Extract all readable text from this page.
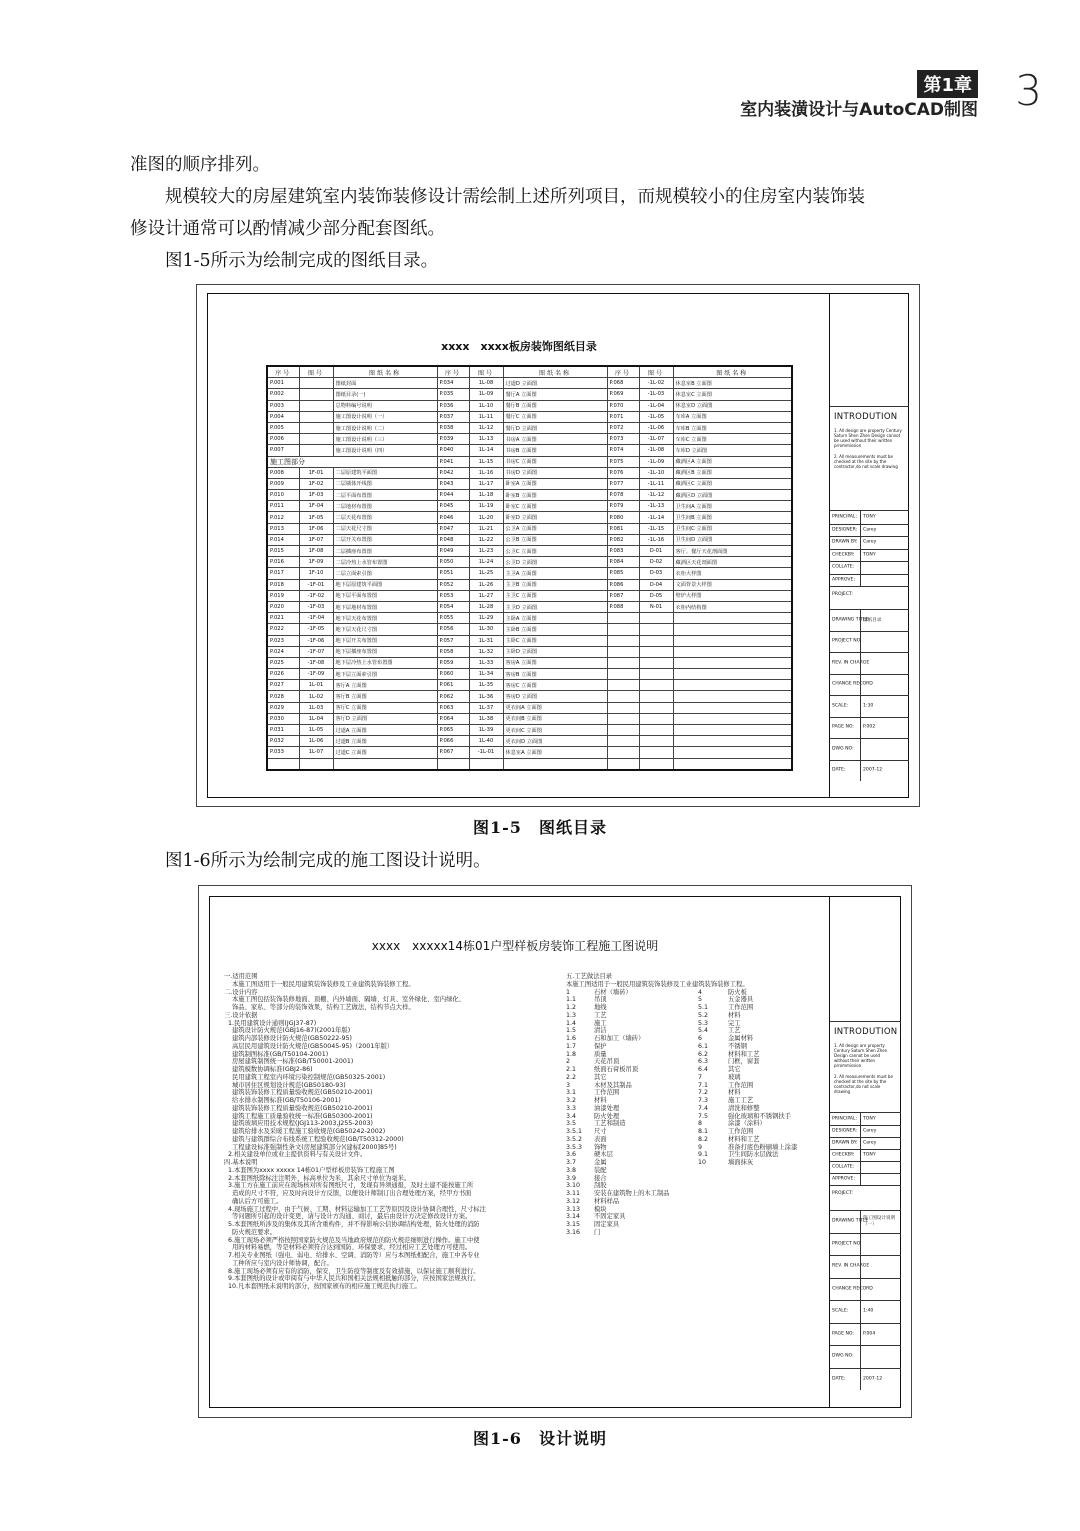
第1章
室内装潢设计与AutoCAD制图 3
准图的顺序排列。
　　规模较大的房屋建筑室内装饰装修设计需绘制上述所列项目，而规模较小的住房室内装饰装
修设计通常可以酌情减少部分配套图纸。
　　图1-5所示为绘制完成的图纸目录。
xxxx　xxxx板房装饰图纸目录
序号	图号	图纸名称	序号	图号	图纸名称	序号	图号	图纸名称
P.001		图纸封面	P.034	1L-08	过道D 立面图	P.068	-1L-02	休息室B 立面图
P.002		图纸目录(一)	P.035	1L-09	餐厅A 立面图	P.069	-1L-03	休息室C 立面图
P.003		总物料编号说明	P.036	1L-10	餐厅B 立面图	P.070	-1L-04	休息室D 立面图
P.004		施工图设计说明（一）	P.037	1L-11	餐厅C 立面图	P.071	-1L-05	车库A 立面图
P.005		施工图设计说明（二）	P.038	1L-12	餐厅D 立面图	P.072	-1L-06	车库B 立面图
P.006		施工图设计说明（三）	P.039	1L-13	书房A 立面图	P.073	-1L-07	车库C 立面图
P.007		施工图设计说明（四）	P.040	1L-14	书房B 立面图	P.074	-1L-08	车库D 立面图
施工图部分			P.041	1L-15	书房C 立面图	P.075	-1L-09	藏酒区A 立面图
P.008	1F-01	二层原建筑平面图	P.042	1L-16	书房D 立面图	P.076	-1L-10	藏酒区B 立面图
P.009	1F-02	二层墙体开线图	P.043	1L-17	卧室A 立面图	P.077	-1L-11	藏酒区C 立面图
P.010	1F-03	二层平面布置图	P.044	1L-18	卧室B 立面图	P.078	-1L-12	藏酒区D 立面图
P.011	1F-04	二层地材布置图	P.045	1L-19	卧室C 立面图	P.079	-1L-13	卫生间A 立面图
P.012	1F-05	二层天花布置图	P.046	1L-20	卧室D 立面图	P.080	-1L-14	卫生间B 立面图
P.013	1F-06	二层天花尺寸图	P.047	1L-21	公卫A 立面图	P.081	-1L-15	卫生间C 立面图
P.014	1F-07	二层开关布置图	P.048	1L-22	公卫B 立面图	P.082	-1L-16	卫生间D 立面图
P.015	1F-08	二层插座布置图	P.049	1L-23	公卫C 立面图	P.083	D-01	客厅、餐厅天花剖面图
P.016	1F-09	二层冷热上水管布置图	P.050	1L-24	公卫D 立面图	P.084	D-02	藏酒区天花剖面图
P.017	1F-10	二层立面索引图	P.051	1L-25	主卫A 立面图	P.085	D-03	衣柜大样图
P.018	-1F-01	地下层原建筑平面图	P.052	1L-26	主卫B 立面图	P.086	D-04	文面背景大样图
P.019	-1F-02	地下层平面布置图	P.053	1L-27	主卫C 立面图	P.087	D-05	壁炉大样图
P.020	-1F-03	地下层地材布置图	P.054	1L-28	主卫D 立面图	P.088	N-01	衣柜内结构图
P.021	-1F-04	地下层天花布置图	P.055	1L-29	主卧A 立面图			
P.022	-1F-05	地下层天花尺寸图	P.056	1L-30	主卧B 立面图			
P.023	-1F-06	地下层开关布置图	P.057	1L-31	主卧C 立面图			
P.024	-1F-07	地下层插座布置图	P.058	1L-32	主卧D 立面图			
P.025	-1F-08	地下层冷热上水管布置图	P.059	1L-33	客房A 立面图			
P.026	-1F-09	地下层立面索引图	P.060	1L-34	客房B 立面图			
P.027	1L-01	客厅A 立面图	P.061	1L-35	客房C 立面图			
P.028	1L-02	客厅B 立面图	P.062	1L-36	客房D 立面图			
P.029	1L-03	客厅C 立面图	P.063	1L-37	更衣间A 立面图			
P.030	1L-04	客厅D 立面图	P.064	1L-38	更衣间B 立面图			
P.031	1L-05	过道A 立面图	P.065	1L-39	更衣间C 立面图			
P.032	1L-06	过道B 立面图	P.066	1L-40	更衣间D 立面图			
P.033	1L-07	过道C 立面图	P.067	-1L-01	休息室A 立面图			

INTRODUTION
1. All design are property Century Saturn Shen Zhen Design cannot be used without their written prrommission
2. All measurements must be checked at the site by the contractor,do not scale drawing
PRINCIPAL: TONY
DESIGNER: Carey
DRAWN BY: Carey
CHECKBY: TONY
COLLATE:
APPROVE:
PROJECT:
DRAWING TITLE
图纸目录
PROJECT NO.
REV. IN CHARGE
CHANGE RECORD
SCALE:	1:30
PAGE NO: P.002
DWG NO:
DATE:	2007-12
图1-5　图纸目录
　　图1-6所示为绘制完成的施工图设计说明。
xxxx　xxxxx14栋01户型样板房装饰工程施工图说明
一.适用范围
本施工图适用于一般民用建筑装饰装修及工业建筑装饰装修工程。
二.设计内容
本施工图包括装饰装修地面、顶棚、内外墙面、隔墙、灯具、室外绿化、室内绿化、
饰品、家私、等部分的装饰效果，结构工艺做法，结构节点大样。
三.设计依据
1.民用建筑设计通则(JGJ37-87)
建筑设计防火规范(GBJ16-87)(2001年版)
建筑内部装修设计防火规范(GB50222-95)
高层民用建筑设计防火规范(GB50045-95)（2001年版）
建筑制图标准(GB/T50104-2001)
房屋建筑制图统一标准(GB/T50001-2001)
建筑模数协调标准(GBJ2-86)
民用建筑工程室内环境污染控制规范(GB50325-2001)
城市居住区规划设计规范(GB50180-93)
建筑装饰装修工程质量验收规范(GB50210-2001)
给水排水制图标准(GB/T50106-2001)
建筑装饰装修工程质量验收规范(GB50210-2001)
建筑工程施工质量验收统一标准(GB50300-2001)
建筑玻璃应用技术规程(JGJ113-2003,J255-2003)
建筑给排水及采暖工程施工验收规范(GB50242-2002)
建筑与建筑群综合布线系统工程验收规范(GB/T50312-2000)
工程建设标准强制性条文(房屋建筑部分)(建标[2000]85号)
2.相关建设单位或业主提供资料与有关设计文件。
四.基本说明
1.本套图为xxxx xxxxx 14栋01户型样板房装饰工程施工图
2.本套图纸除标注注明外，标高单位为米，其余尺寸单位为毫米。
3.施工方在施工前应在现场核对所有图纸尺寸，发现有异须通报，及时土建不能按施工所
造成的尺寸不符，应及时向设计方反馈，以便设计师制订出合理处理方案，经甲方书面
确认后方可施工。
4.现场施工过程中，由于气候、工期、材料运输加工工艺等原因及设计协调合理性、尺寸标注
等问题所引起的设计变更，请与设计方沟通、商讨，最后由设计方决定修改设计方案。
5.本套图纸所涉及的集体及其所含重构件，并不得影响公信协调结构处理，防火处理的消防
防火规范要求。
6.施工现场必须严格按照国家防火规范及当地政府规范的防火规范细则进行操作。施工中使
用的材料易燃，等是材料必须符合达到国防、环保要求，经过相应工艺处理方可使用。
7.相关专业图纸（强电、弱电、给排水、空调、消防等）应与本图纸相配合，施工中各专业
工种所应与室内设计师协调，配合。
8.施工现场必须有应有的消防，保安，卫生防疫等制度及有效措施，以保证施工顺利进行。
9.本套图纸的设计或审阅有与中华人民共和国相关法规相抵触的部分，应按国家法规执行。
10.凡本套图纸未说明的部分，按国家颁布的相应施工规范执行施工。
五.工艺做法目录
本施工图适用于一般民用建筑装饰装修及工业建筑装饰装修工程。
1	石材（墙砖）	4	防火板
1.1	吊顶	5	五金器具
1.2	地线	5.1	工作范围
1.3	工艺	5.2	材料
1.4	施工	5.3	完工
1.5	清洁	5.4	工艺
1.6	石和加工（墙砖）	6	金属材料
1.7	保护	6.1	不锈钢
1.8	质量	6.2	材料和工艺
2	天花吊顶	6.3	门框，窗套
2.1	纸面石膏板吊顶	6.4	其它
2.2	其它	7	玻璃
3	木材及其制品	7.1	工作范围
3.1	工作范围	7.2	材料
3.2	材料	7.3	施工工艺
3.3	油漆处理	7.4	清洗和修整
3.4	防火处理	7.5	强化玻璃和不锈钢扶手
3.5	工艺和制造	8	涂漆（涂料）
3.5.1 尺寸	8.1	工作范围
3.5.2 表面	8.2	材料和工艺
3.5.3 饰物	9	准备打底色粉刷墙上涂漆
3.6	硬木层	9.1	卫生间防水层做法
3.7	金属	10	墙面抹灰
3.8	装配
3.9	接合
3.10 刮胶
3.11 安装在建筑物上的木工制品
3.12 材料样品
3.13 模块
3.14 不固定家具
3.15 固定家具
3.16 门
INTRODUTION
1. All design are property Century Saturn Shen Zhen Design cannot be used without their written prrommission
2. All measurements must be checked at the site by the contractor,do not scale drawing
PRINCIPAL: TONY
DESIGNER: Carey
DRAWN BY: Carey
CHECKBY: TONY
COLLATE:
APPROVE:
PROJECT:
DRAWING TITLE
施工图设计说明（一）
PROJECT NO.
REV. IN CHARGE
CHANGE RECORD
SCALE:	1:40
PAGE NO: P.004
DWG NO:
DATE:	2007-12
图1-6　设计说明
